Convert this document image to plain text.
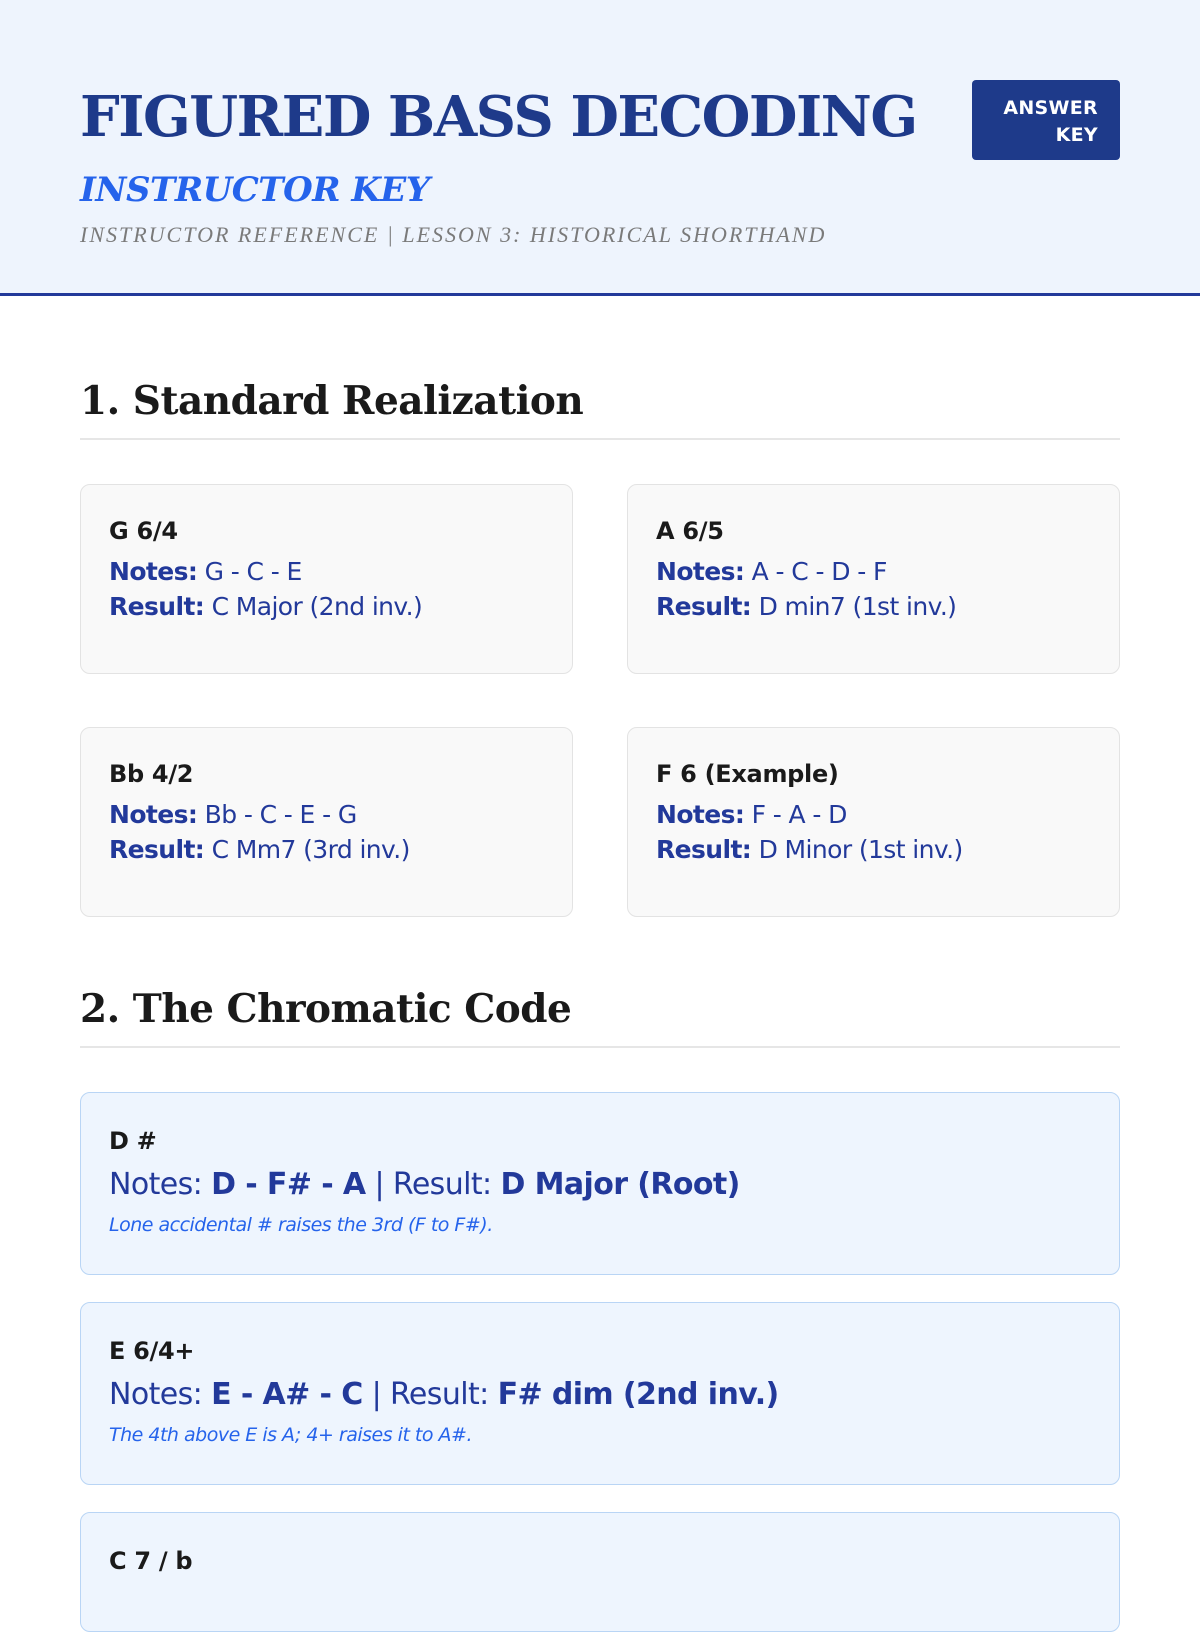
FIGURED BASS DECODING
INSTRUCTOR KEY
INSTRUCTOR REFERENCE | LESSON 3: HISTORICAL SHORTHAND
ANSWER
KEY
1. Standard Realization
G 6/4
Notes: G - C - E
Result: C Major (2nd inv.)
A 6/5
Notes: A - C - D - F
Result: D min7 (1st inv.)
Bb 4/2
Notes: Bb - C - E - G
Result: C Mm7 (3rd inv.)
F 6 (Example)
Notes: F - A - D
Result: D Minor (1st inv.)
2. The Chromatic Code
D #
Notes: D - F# - A | Result: D Major (Root)
Lone accidental # raises the 3rd (F to F#).
E 6/4+
Notes: E - A# - C | Result: F# dim (2nd inv.)
The 4th above E is A; 4+ raises it to A#.
C 7 / b
